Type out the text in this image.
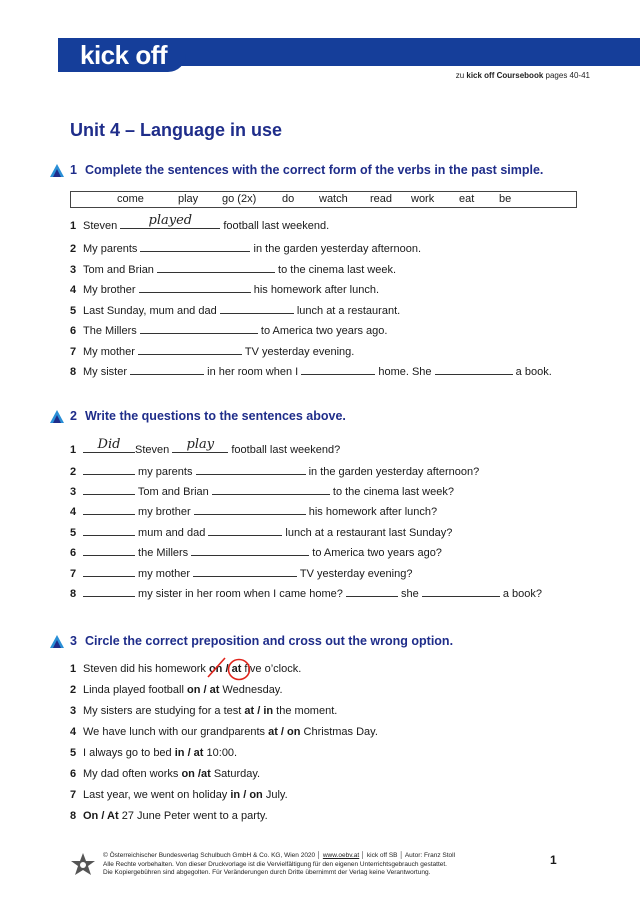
kick off
zu kick off Coursebook pages 40-41
Unit 4 – Language in use
1 Complete the sentences with the correct form of the verbs in the past simple.
come	play go (2x) do watch read work eat be
1 Steven	played	football last weekend.
2 My parents	in the garden yesterday afternoon.
3 Tom and Brian	to the cinema last week.
4 My brother	his homework after lunch.
5 Last Sunday, mum and dad	lunch at a restaurant.
6 The Millers	to America two years ago.
7 My mother	TV yesterday evening.
8 My sister	in her room when I	home. She	a book.
2 Write the questions to the sentences above.
1	Did	Steven	play	football last weekend?
2	my parents	in the garden yesterday afternoon?
3	Tom and Brian	to the cinema last week?
4	my brother	his homework after lunch?
5	mum and dad	lunch at a restaurant last Sunday?
6	the Millers	to America two years ago?
7	my mother	TV yesterday evening?
8	my sister in her room when I came home?	she	a book?
3 Circle the correct preposition and cross out the wrong option.
1 Steven did his homework on
/ at
five o’clock.
2 Linda played football on / at Wednesday.
3 My sisters are studying for a test at / in the moment.
4 We have lunch with our grandparents at / on Christmas Day.
5 I always go to bed in / at 10:00.
6 My dad often works on /at Saturday.
7 Last year, we went on holiday in / on July.
8 On / At 27 June Peter went to a party.
© Österreichischer Bundesverlag Schulbuch GmbH & Co. KG, Wien 2020 │ www.oebv.at │ kick off SB │ Autor: Franz Stoll
Alle Rechte vorbehalten. Von dieser Druckvorlage ist die Vervielfältigung für den eigenen Unterrichtsgebrauch gestattet.
Die Kopiergebühren sind abgegolten. Für Veränderungen durch Dritte übernimmt der Verlag keine Verantwortung.
1
